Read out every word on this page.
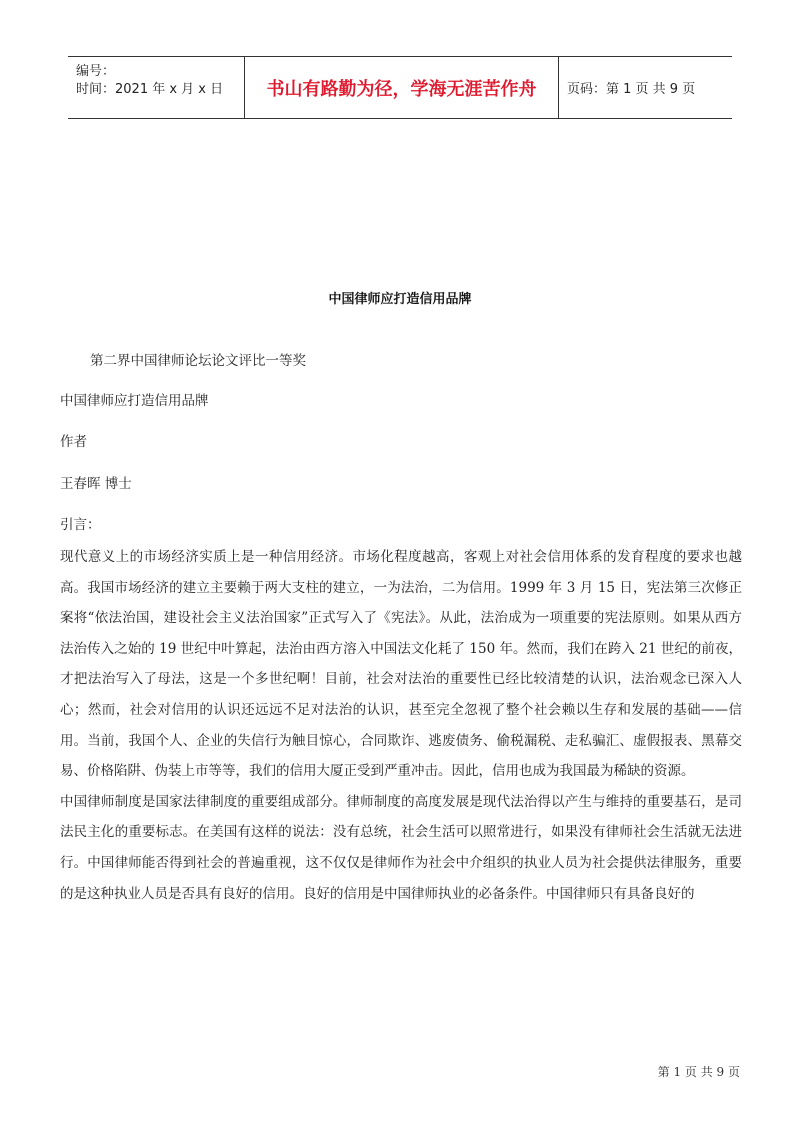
编号：
时间：2021 年 x 月 x 日	书山有路勤为径，学海无涯苦作舟	页码：第 1 页 共 9 页
中国律师应打造信用品牌
第二界中国律师论坛论文评比一等奖
中国律师应打造信用品牌
作者
王春晖 博士
引言：

现代意义上的市场经济实质上是一种信用经济。市场化程度越高，客观上对社会信用体系的发育程度的要求也越高。我国市场经济的建立主要赖于两大支柱的建立，一为法治，二为信用。1999 年 3 月 15 日，宪法第三次修正案将“依法治国，建设社会主义法治国家”正式写入了《宪法》。从此，法治成为一项重要的宪法原则。如果从西方法治传入之始的 19 世纪中叶算起，法治由西方溶入中国法文化耗了 150 年。然而，我们在跨入 21 世纪的前夜，才把法治写入了母法，这是一个多世纪啊！目前，社会对法治的重要性已经比较清楚的认识，法治观念已深入人心；然而，社会对信用的认识还远远不足对法治的认识，甚至完全忽视了整个社会赖以生存和发展的基础——信用。当前，我国个人、企业的失信行为触目惊心，合同欺诈、逃废债务、偷税漏税、走私骗汇、虚假报表、黑幕交易、价格陷阱、伪装上市等等，我们的信用大厦正受到严重冲击。因此，信用也成为我国最为稀缺的资源。

中国律师制度是国家法律制度的重要组成部分。律师制度的高度发展是现代法治得以产生与维持的重要基石，是司法民主化的重要标志。在美国有这样的说法：没有总统，社会生活可以照常进行，如果没有律师社会生活就无法进行。中国律师能否得到社会的普遍重视，这不仅仅是律师作为社会中介组织的执业人员为社会提供法律服务，重要的是这种执业人员是否具有良好的信用。良好的信用是中国律师执业的必备条件。中国律师只有具备良好的

第 1 页 共 9 页
